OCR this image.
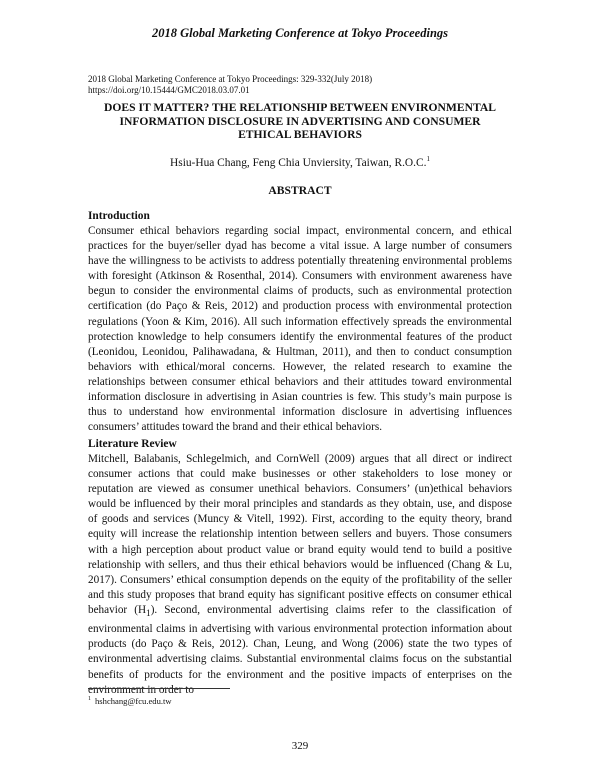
2018 Global Marketing Conference at Tokyo Proceedings
2018 Global Marketing Conference at Tokyo Proceedings: 329-332(July 2018)
https://doi.org/10.15444/GMC2018.03.07.01
DOES IT MATTER? THE RELATIONSHIP BETWEEN ENVIRONMENTAL
INFORMATION DISCLOSURE IN ADVERTISING AND CONSUMER
ETHICAL BEHAVIORS
Hsiu-Hua Chang, Feng Chia Unviersity, Taiwan, R.O.C.$^1$
ABSTRACT
Introduction

Consumer ethical behaviors regarding social impact, environmental concern, and ethical practices for the buyer/seller dyad has become a vital issue. A large number of consumers have the willingness to be activists to address potentially threatening environmental problems with foresight (Atkinson & Rosenthal, 2014). Consumers with environment awareness have begun to consider the environmental claims of products, such as environmental protection certification (do Paço & Reis, 2012) and production process with environmental protection regulations (Yoon & Kim, 2016). All such information effectively spreads the environmental protection knowledge to help consumers identify the environmental features of the product (Leonidou, Leonidou, Palihawadana, & Hultman, 2011), and then to conduct consumption behaviors with ethical/moral concerns. However, the related research to examine the relationships between consumer ethical behaviors and their attitudes toward environmental information disclosure in advertising in Asian countries is few. This study’s main purpose is thus to understand how environmental information disclosure in advertising influences consumers’ attitudes toward the brand and their ethical behaviors.

Literature Review

Mitchell, Balabanis, Schlegelmich, and CornWell (2009) argues that all direct or indirect consumer actions that could make businesses or other stakeholders to lose money or reputation are viewed as consumer unethical behaviors. Consumers’ (un)ethical behaviors would be influenced by their moral principles and standards as they obtain, use, and dispose of goods and services (Muncy & Vitell, 1992). First, according to the equity theory, brand equity will increase the relationship intention between sellers and buyers. Those consumers with a high perception about product value or brand equity would tend to build a positive relationship with sellers, and thus their ethical behaviors would be influenced (Chang & Lu, 2017). Consumers’ ethical consumption depends on the equity of the profitability of the seller and this study proposes that brand equity has significant positive effects on consumer ethical behavior $(H_1)$. Second, environmental advertising claims refer to the classification of environmental claims in advertising with various environmental protection information about products (do Paço & Reis, 2012). Chan, Leung, and Wong (2006) state the two types of environmental advertising claims. Substantial environmental claims focus on the substantial benefits of products for the environment and the positive impacts of enterprises on the environment in order to

$^1$ hshchang@fcu.edu.tw
329
